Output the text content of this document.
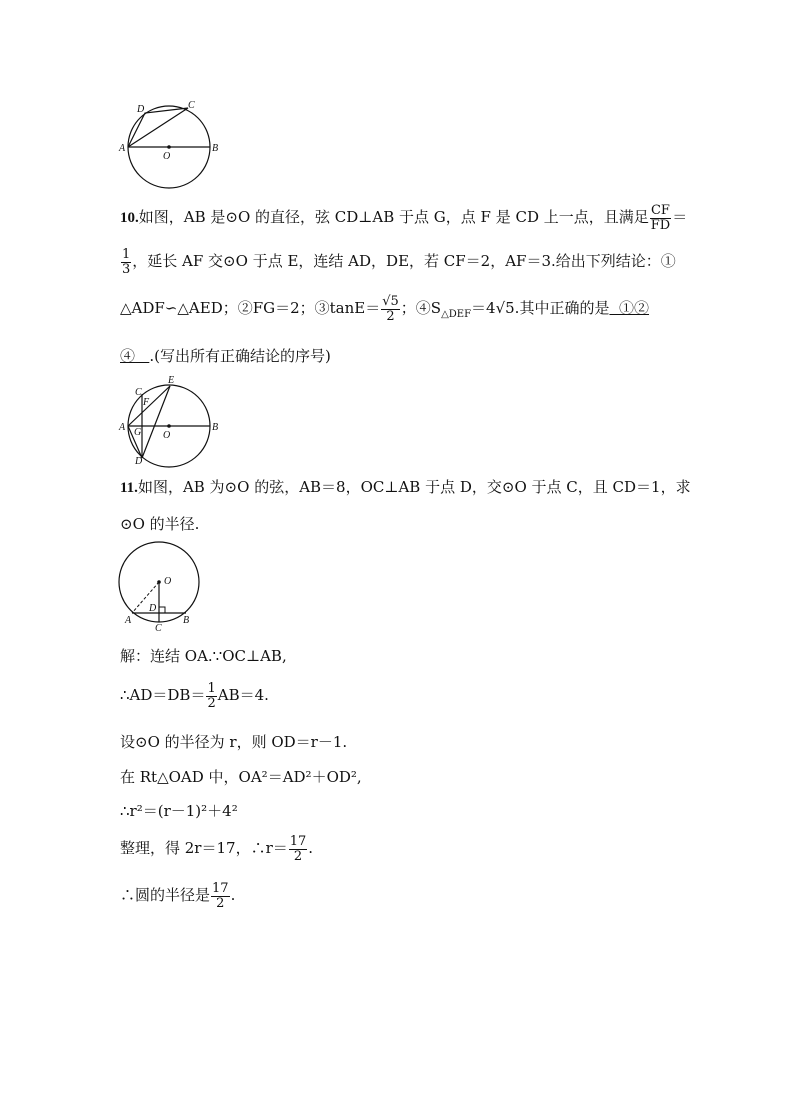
A	B
C
D
O
10.如图，AB 是⊙O 的直径，弦 CD⊥AB 于点 G，点 F 是 CD 上一点，且满足 $\frac{CF}{FD}$ ＝
$\frac{1}{3}$ ，延长 AF 交⊙O 于点 E，连结 AD，DE，若 CF＝2，AF＝3.给出下列结论：①
△ADF∽△AED；②FG＝2；③tanE＝ $\frac{√5}{2}$ ；$④S_{\triangle DEF}=4√5$.其中正确的是 ①②
④ .(写出所有正确结论的序号)
A	B
C
D
E
F
G O
11.如图，AB 为⊙O 的弦，AB＝8，OC⊥AB 于点 D，交⊙O 于点 C，且 CD＝1，求
⊙O 的半径.
A	B
C
D
O
解：连结 OA.∵OC⊥AB,
∴AD＝DB＝ $\frac{1}{2} AB=4$.
设⊙O 的半径为 r，则 OD＝r－1.
在 Rt△OAD 中，OA²＝AD²＋OD²,
∴r²＝(r－1)²＋4²
整理，得 2r＝17，∴r＝ $\frac{17}{2}$ .
∴圆的半径是 $\frac{17}{2}$ .
